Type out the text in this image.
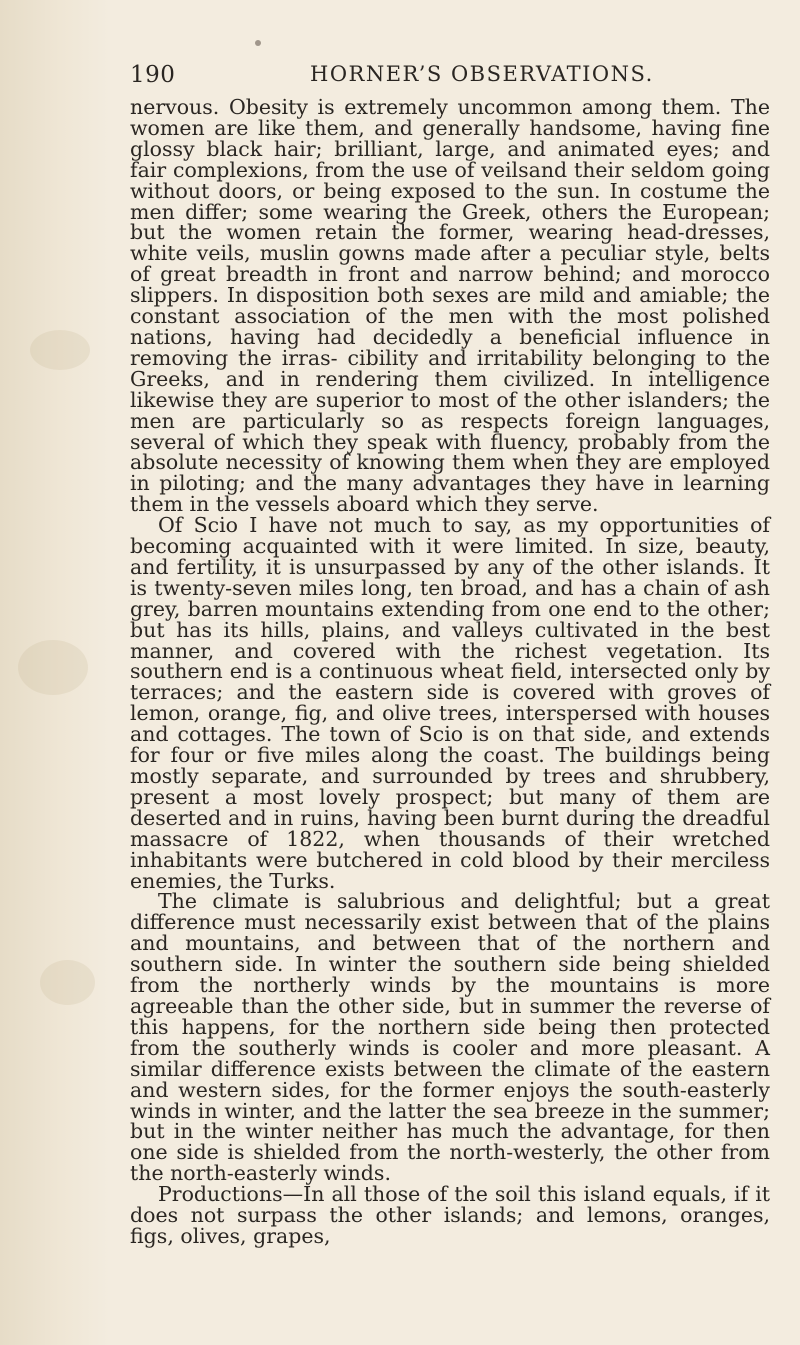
190	HORNER’S OBSERVATIONS.

nervous. Obesity is extremely uncommon among them. The women are like them, and generally handsome, having fine glossy black hair; brilliant, large, and animated eyes; and fair complexions, from the use of veilsand their seldom going without doors, or being exposed to the sun. In costume the men differ; some wearing the Greek, others the European; but the women retain the former, wearing head-dresses, white veils, muslin gowns made after a peculiar style, belts of great breadth in front and narrow behind; and morocco slippers. In disposition both sexes are mild and amiable; the constant association of the men with the most polished nations, having had decidedly a beneficial influence in removing the irras- cibility and irritability belonging to the Greeks, and in rendering them civilized. In intelligence likewise they are superior to most of the other islanders; the men are particularly so as respects foreign languages, several of which they speak with fluency, probably from the absolute necessity of knowing them when they are employed in piloting; and the many advantages they have in learning them in the vessels aboard which they serve.

Of Scio I have not much to say, as my opportunities of becoming acquainted with it were limited. In size, beauty, and fertility, it is unsurpassed by any of the other islands. It is twenty-seven miles long, ten broad, and has a chain of ash grey, barren mountains extending from one end to the other; but has its hills, plains, and valleys cultivated in the best manner, and covered with the richest vegetation. Its southern end is a continuous wheat field, intersected only by terraces; and the eastern side is covered with groves of lemon, orange, fig, and olive trees, interspersed with houses and cottages. The town of Scio is on that side, and extends for four or five miles along the coast. The buildings being mostly separate, and surrounded by trees and shrubbery, present a most lovely prospect; but many of them are deserted and in ruins, having been burnt during the dreadful massacre of 1822, when thousands of their wretched inhabitants were butchered in cold blood by their merciless enemies, the Turks.

The climate is salubrious and delightful; but a great difference must necessarily exist between that of the plains and mountains, and between that of the northern and southern side. In winter the southern side being shielded from the northerly winds by the mountains is more agreeable than the other side, but in summer the reverse of this happens, for the northern side being then protected from the southerly winds is cooler and more pleasant. A similar difference exists between the climate of the eastern and western sides, for the former enjoys the south-easterly winds in winter, and the latter the sea breeze in the summer; but in the winter neither has much the advantage, for then one side is shielded from the north-westerly, the other from the north-easterly winds.

Productions—In all those of the soil this island equals, if it does not surpass the other islands; and lemons, oranges, figs, olives, grapes,
